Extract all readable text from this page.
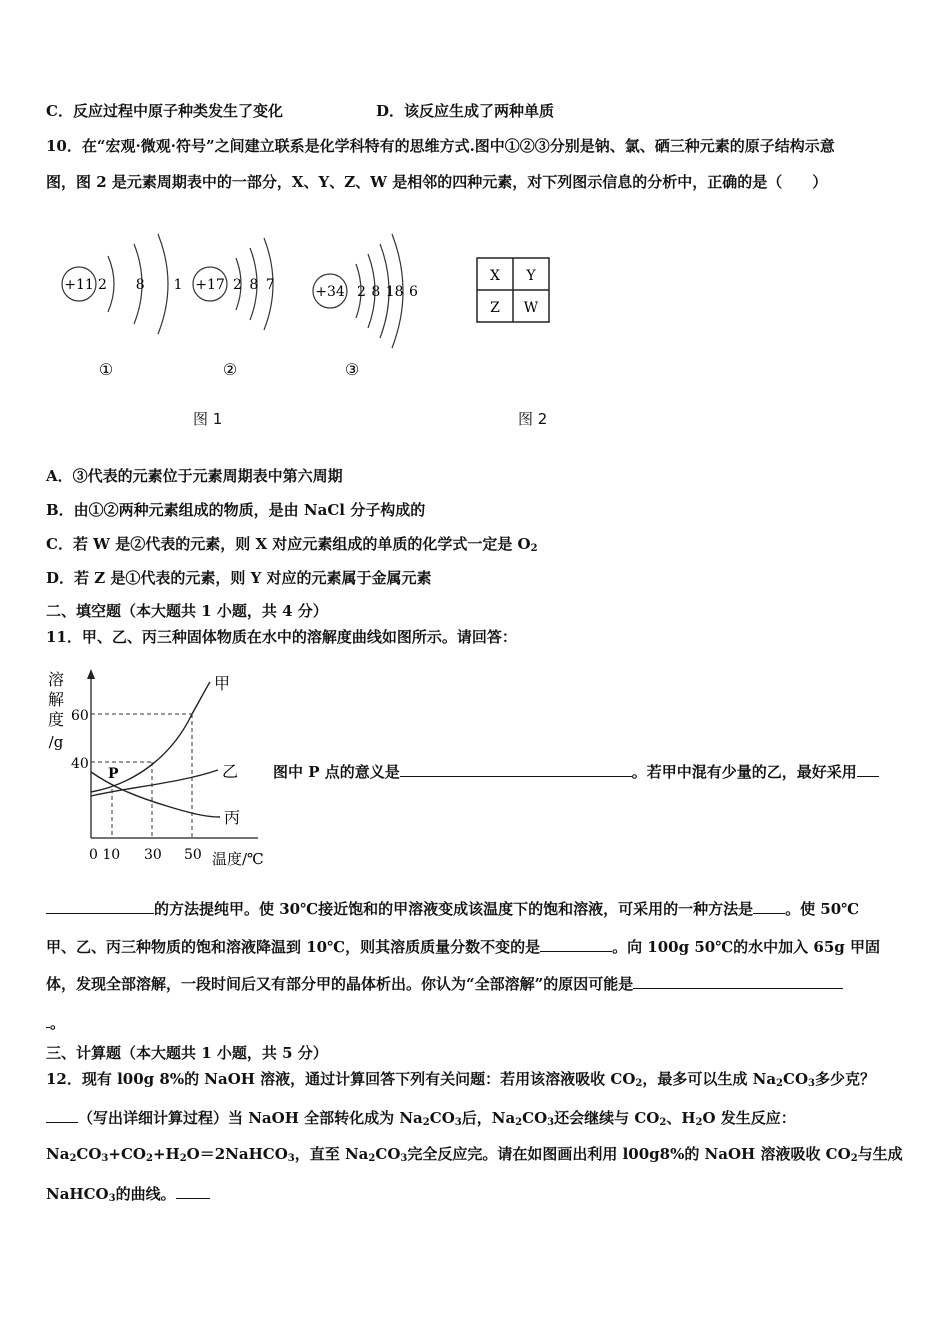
C．反应过程中原子种类发生了变化	D．该反应生成了两种单质
10．在“宏观·微观·符号”之间建立联系是化学科特有的思维方式.图中①②③分别是钠、氯、硒三种元素的原子结构示意
图，图 2 是元素周期表中的一部分，X、Y、Z、W 是相邻的四种元素，对下列图示信息的分析中，正确的是（　　）
+11 2  8  1
①
+17 2 8 7
②
+34 2 8 18 6
③
X Y
Z W
图 1	图 2
A．③代表的元素位于元素周期表中第六周期
B．由①②两种元素组成的物质，是由 NaCl 分子构成的
C．若 W 是②代表的元素，则 X 对应元素组成的单质的化学式一定是 $O_2$
D．若 Z 是①代表的元素，则 Y 对应的元素属于金属元素
二、填空题（本大题共 1 小题，共 4 分）
11．甲、乙、丙三种固体物质在水中的溶解度曲线如图所示。请回答：
溶
解
度
/g
60
40
P
甲
乙
丙
0 10 30 50 温度/℃
图中 P 点的意义是	。若甲中混有少量的乙，最好采用
的方法提纯甲。使 30℃接近饱和的甲溶液变成该温度下的饱和溶液，可采用的一种方法是 。使 50℃
甲、乙、丙三种物质的饱和溶液降温到 10℃，则其溶质质量分数不变的是	。向 100g 50℃的水中加入 65g 甲固
体，发现全部溶解，一段时间后又有部分甲的晶体析出。你认为“全部溶解”的原因可能是
。
三、计算题（本大题共 1 小题，共 5 分）
12．现有 l00g 8%的 NaOH 溶液，通过计算回答下列有关问题：若用该溶液吸收 $CO_2$，最多可以生成 $Na_2CO_3$多少克？
（写出详细计算过程）当 NaOH 全部转化成为 $Na_2CO_3$后，$Na_2CO_3$还会继续与 $CO_2$、$H_2O$ 发生反应：
$Na_2CO_3+CO_2+H_2O=2NaHCO_3$，直至 $Na_2CO_3$完全反应完。请在如图画出利用 l00g8%的 NaOH 溶液吸收 $CO_2$与生成
NaHCO$_3$的曲线。
